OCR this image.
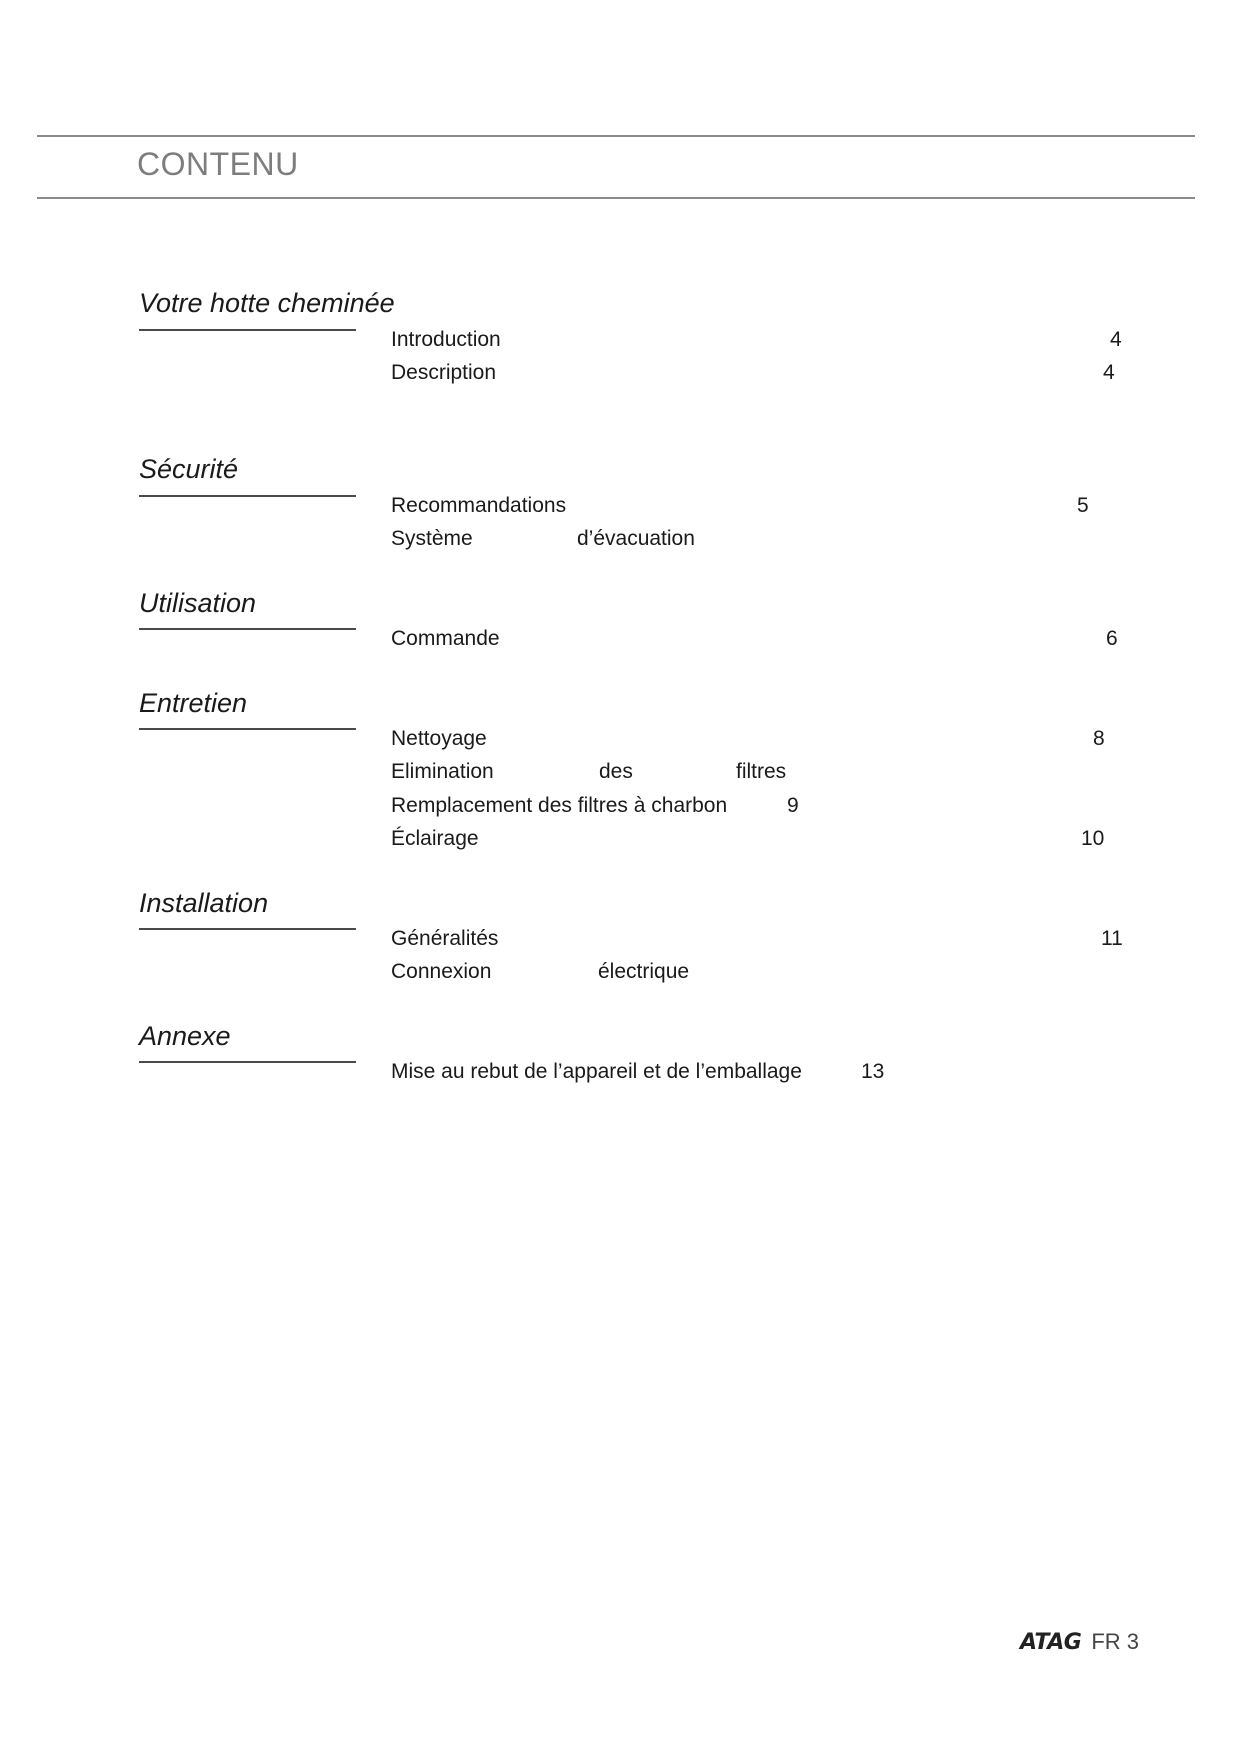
CONTENU
Votre hotte cheminée
Introduction	4
Description	4
Sécurité
Recommandations	5
Système	d’évacuation
Utilisation
Commande	6
Entretien
Nettoyage	8
Elimination	des	filtres
Remplacement des filtres à charbon	9
Éclairage	10
Installation
Généralités	11
Connexion	électrique
Annexe
Mise au rebut de l’appareil et de l’emballage	13
ATAG FR 3
